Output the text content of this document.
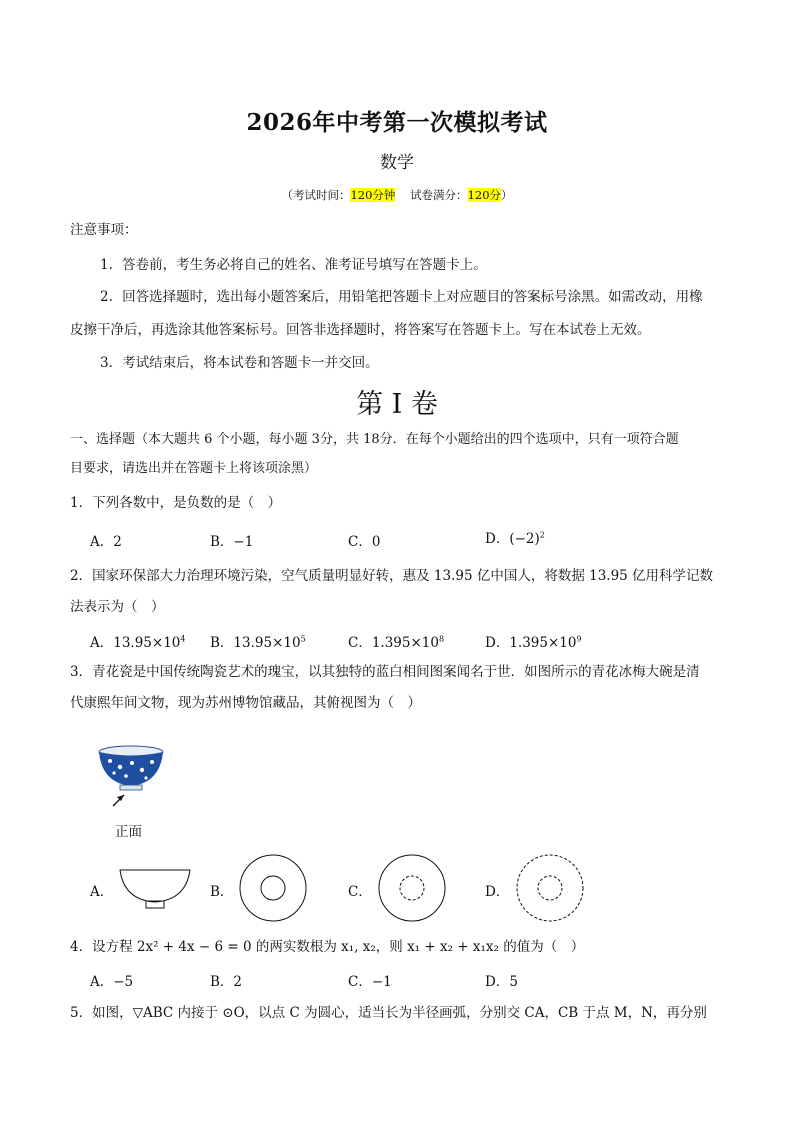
2026年中考第一次模拟考试
数学
（考试时间：120分钟 试卷满分：120分）
注意事项：
1．答卷前，考生务必将自己的姓名、准考证号填写在答题卡上。
2．回答选择题时，选出每小题答案后，用铅笔把答题卡上对应题目的答案标号涂黑。如需改动，用橡
皮擦干净后，再选涂其他答案标号。回答非选择题时，将答案写在答题卡上。写在本试卷上无效。
3．考试结束后，将本试卷和答题卡一并交回。
第 I 卷
一、选择题（本大题共 6 个小题，每小题 3分，共 18分．在每个小题给出的四个选项中，只有一项符合题
目要求，请选出并在答题卡上将该项涂黑）
1．下列各数中，是负数的是（　）
A．2	B．−1	C．0	D．$(-2)^2$
2．国家环保部大力治理环境污染，空气质量明显好转，惠及 13.95 亿中国人，将数据 13.95 亿用科学记数
法表示为（　）
A．$13.95\times 10^4$ B．$13.95\times 10^5$	C．$1.395\times 10^8$	D．$1.395\times 10^9$
3．青花瓷是中国传统陶瓷艺术的瑰宝，以其独特的蓝白相间图案闻名于世．如图所示的青花冰梅大碗是清
代康熙年间文物，现为苏州博物馆藏品，其俯视图为（　）
正面
A．	B．	C．	D．
4．设方程 2x² + 4x − 6 = 0 的两实数根为 x₁, x₂，则 x₁ + x₂ + x₁x₂ 的值为（　）
A．−5	B．2	C．−1	D．5
5．如图，▽ABC 内接于 ⊙O，以点 C 为圆心，适当长为半径画弧，分别交 CA，CB 于点 M，N，再分别
